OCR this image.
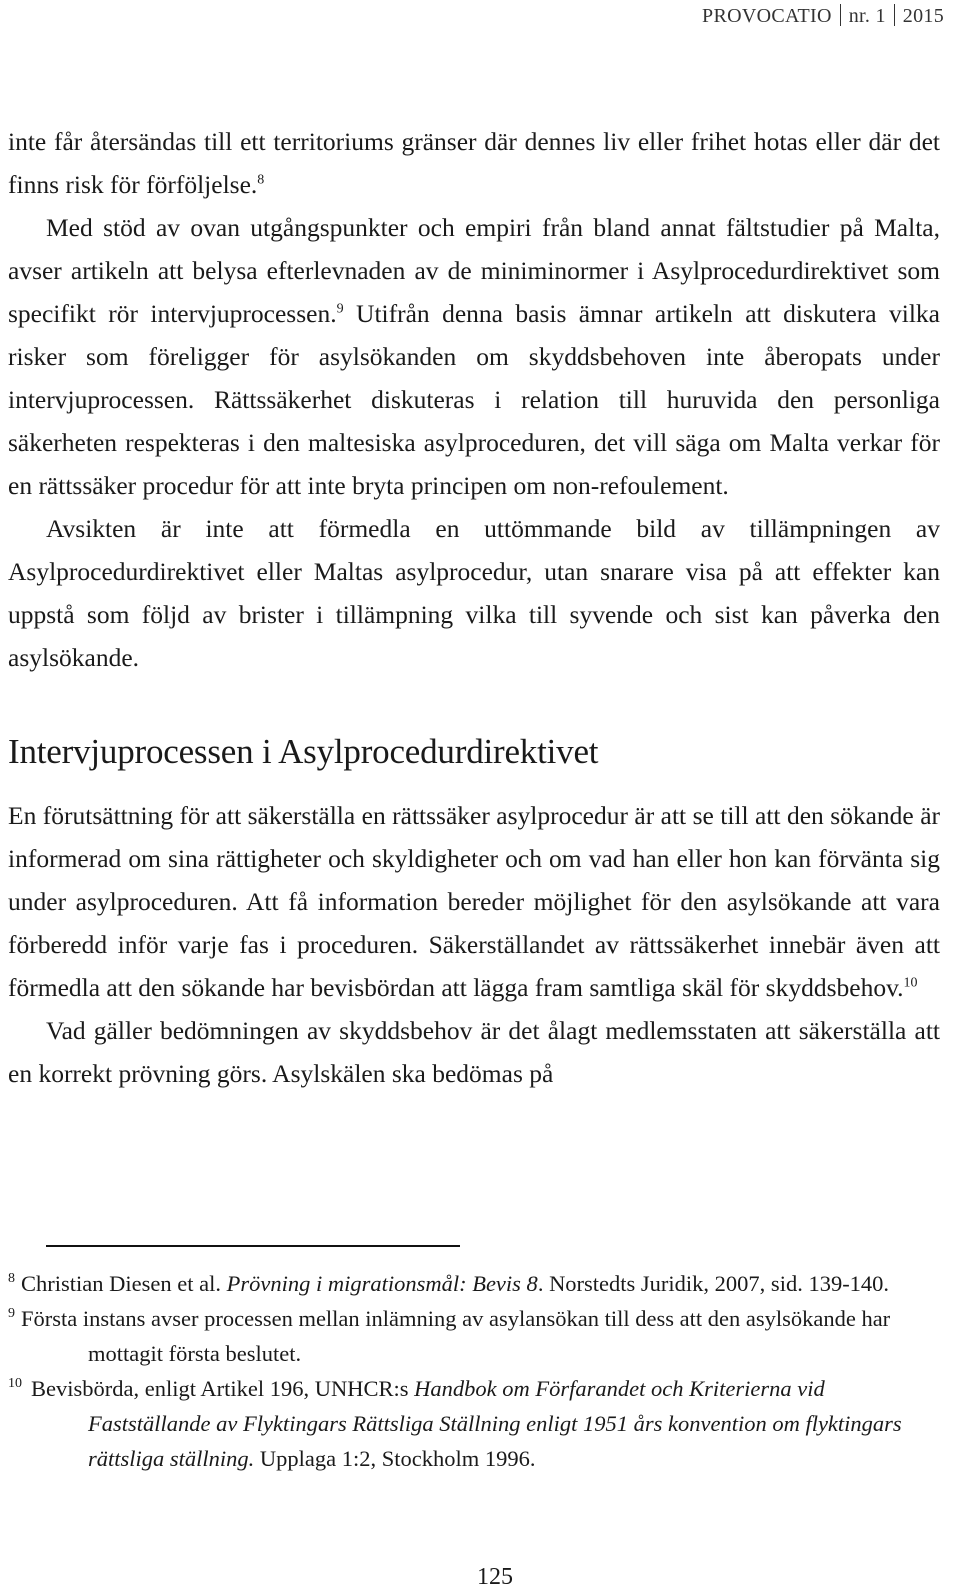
PROVOCATIO nr. 1 2015

inte får återsändas till ett territoriums gränser där dennes liv eller frihet hotas eller där det finns risk för förföljelse.$^8$

Med stöd av ovan utgångspunkter och empiri från bland annat fältstudier på Malta, avser artikeln att belysa efterlevnaden av de miniminormer i Asylprocedurdirektivet som specifikt rör intervjuprocessen.$^9$ Utifrån denna basis ämnar artikeln att diskutera vilka risker som föreligger för asylsökanden om skyddsbehoven inte åberopats under intervjuprocessen. Rättssäkerhet diskuteras i relation till huruvida den personliga säkerheten respekteras i den maltesiska asylproceduren, det vill säga om Malta verkar för en rättssäker procedur för att inte bryta principen om non-refoulement.

Avsikten är inte att förmedla en uttömmande bild av tillämpningen av Asylprocedurdirektivet eller Maltas asylprocedur, utan snarare visa på att effekter kan uppstå som följd av brister i tillämpning vilka till syvende och sist kan påverka den asylsökande.

Intervjuprocessen i Asylprocedurdirektivet

En förutsättning för att säkerställa en rättssäker asylprocedur är att se till att den sökande är informerad om sina rättigheter och skyldigheter och om vad han eller hon kan förvänta sig under asylproceduren. Att få information bereder möjlighet för den asylsökande att vara förberedd inför varje fas i proceduren. Säkerställandet av rättssäkerhet innebär även att förmedla att den sökande har bevisbördan att lägga fram samtliga skäl för skyddsbehov.$^{10}$

Vad gäller bedömningen av skyddsbehov är det ålagt medlemsstaten att säkerställa att en korrekt prövning görs. Asylskälen ska bedömas på

8 Christian Diesen et al. Prövning i migrationsmål: Bevis 8. Norstedts Juridik, 2007, sid. 139-140.
9 Första instans avser processen mellan inlämning av asylansökan till dess att den asylsökande har mottagit första beslutet.
10 Bevisbörda, enligt Artikel 196, UNHCR:s Handbok om Förfarandet och Kriterierna vid Fastställande av Flyktingars Rättsliga Ställning enligt 1951 års konvention om flyktingars rättsliga ställning. Upplaga 1:2, Stockholm 1996.
125
